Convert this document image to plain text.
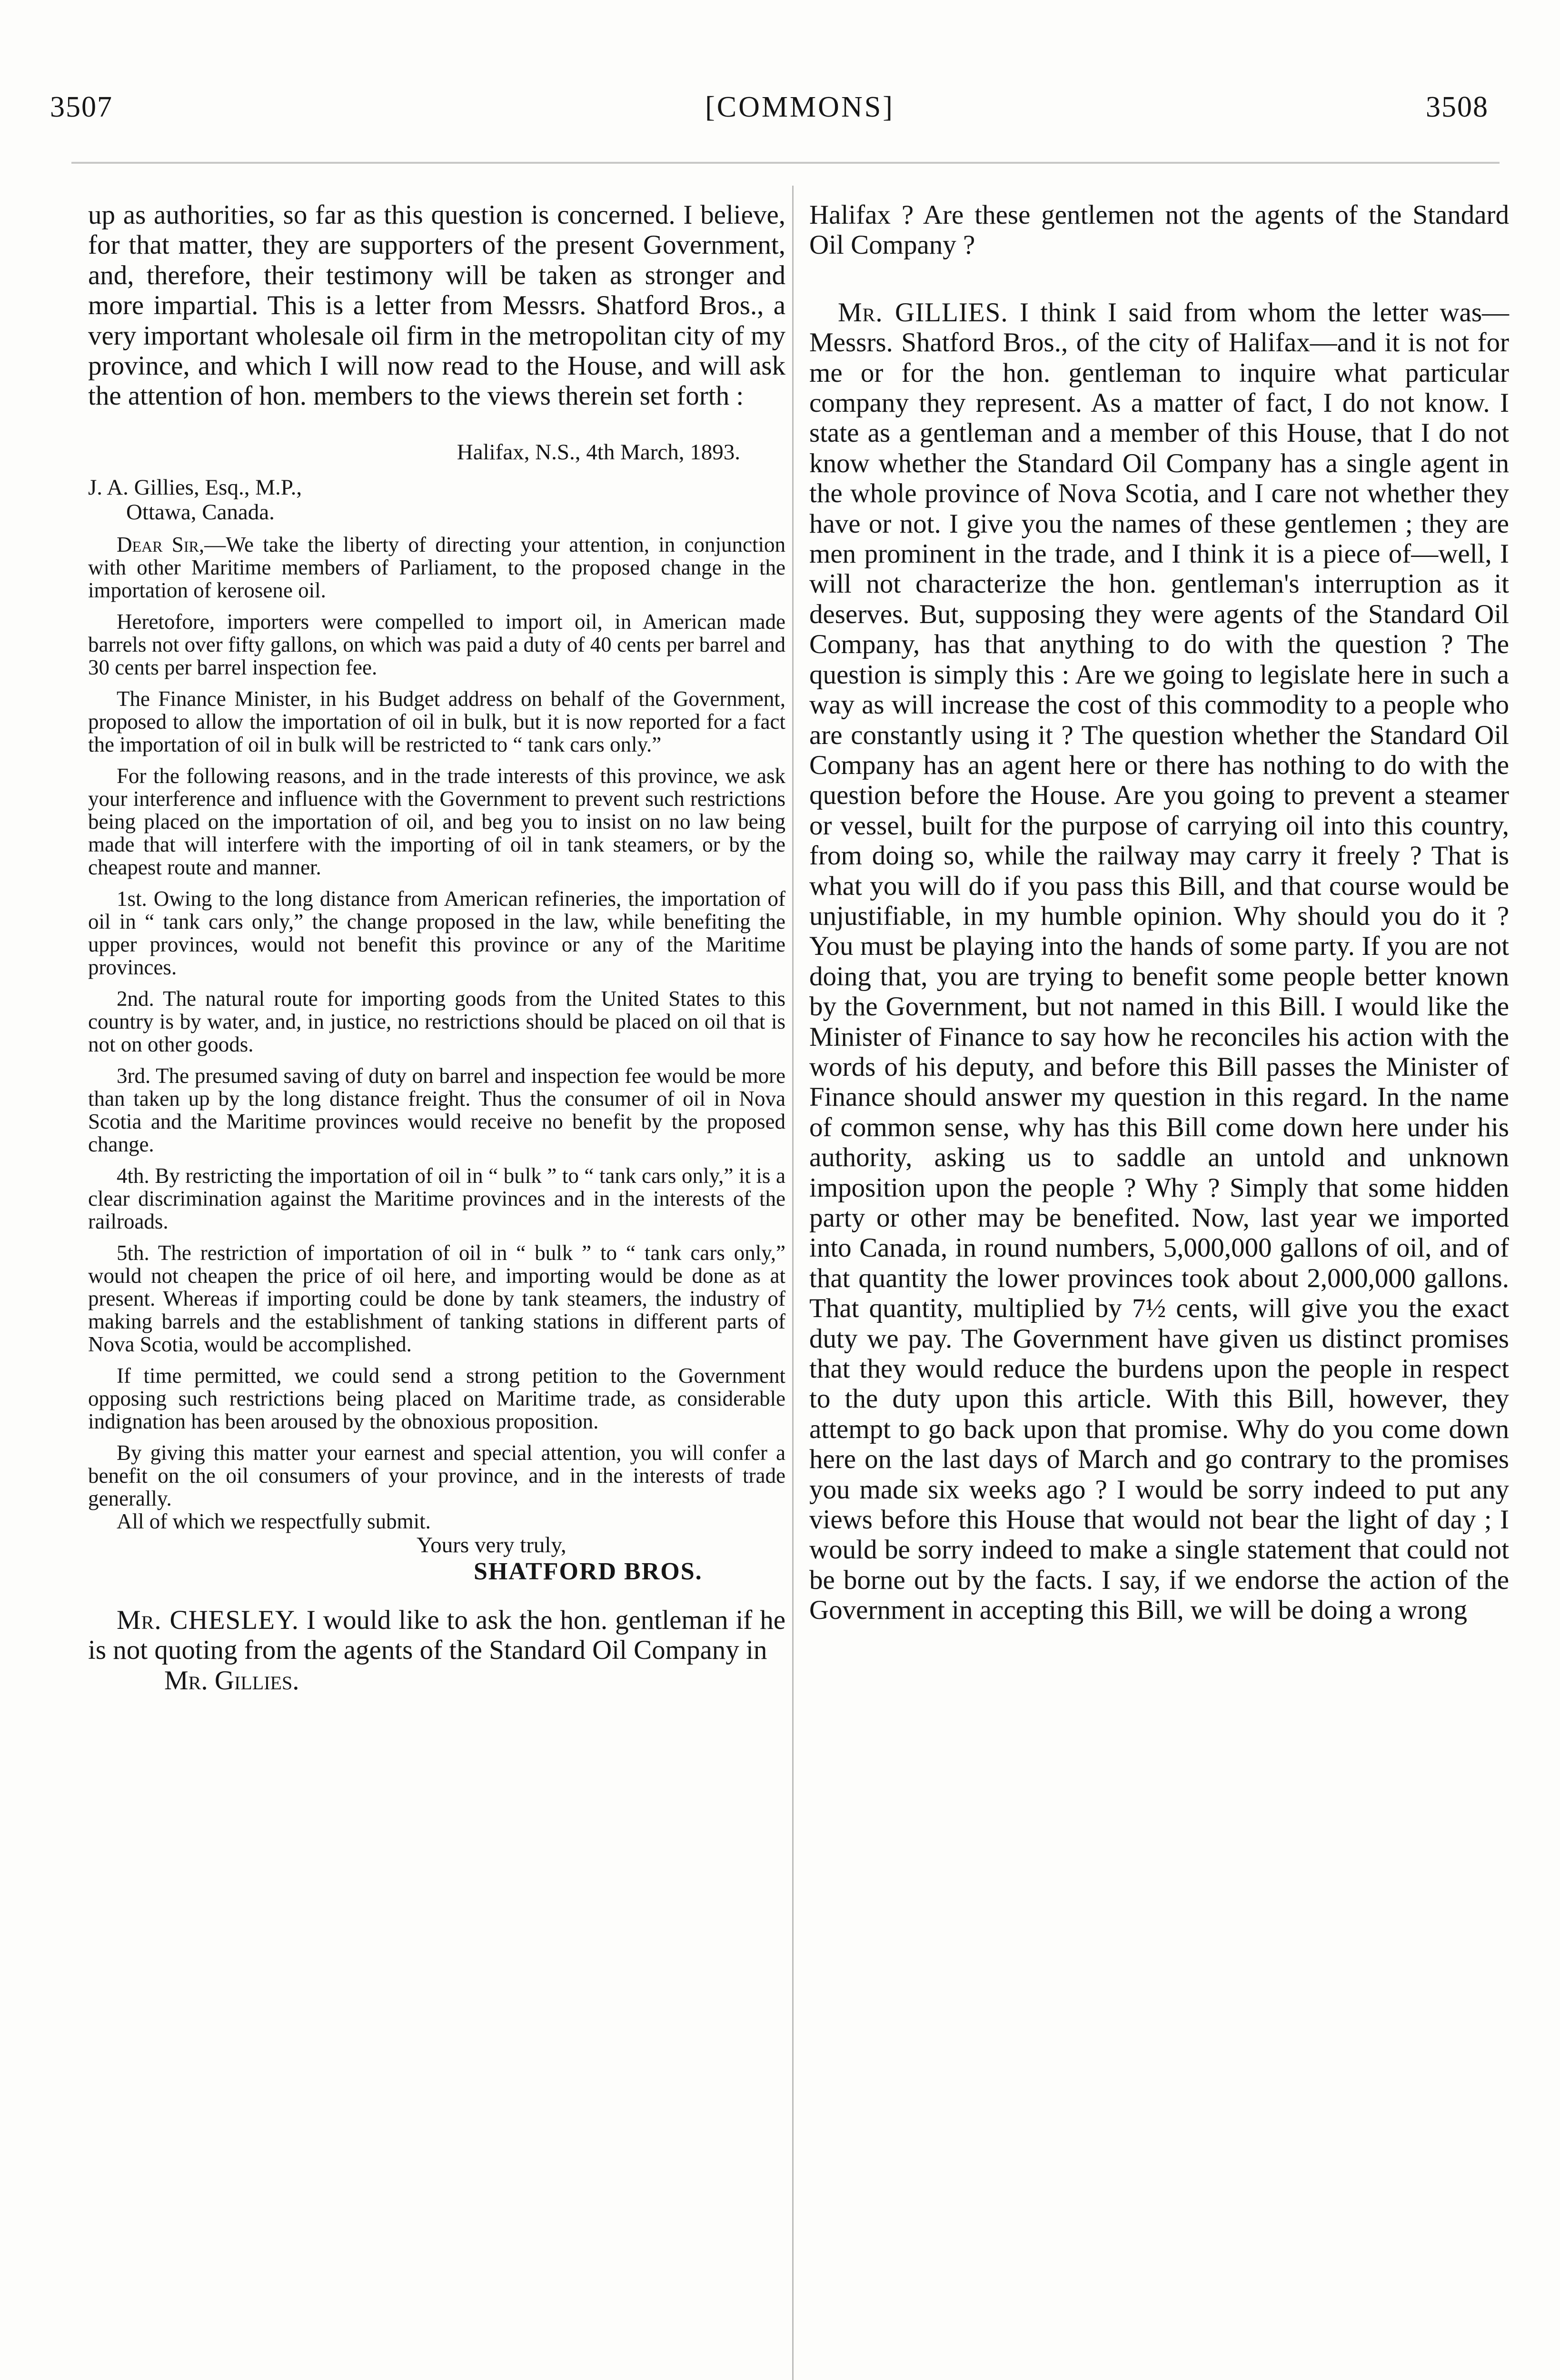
3507	[COMMONS]	3508

up as authorities, so far as this question is concerned. I believe, for that matter, they are supporters of the present Government, and, therefore, their testimony will be taken as stronger and more impartial. This is a letter from Messrs. Shatford Bros., a very important wholesale oil firm in the metropolitan city of my province, and which I will now read to the House, and will ask the attention of hon. members to the views therein set forth :

Halifax, N.S., 4th March, 1893.

J. A. Gillies, Esq., M.P.,
Ottawa, Canada.

Dear Sir,—We take the liberty of directing your attention, in conjunction with other Maritime members of Parliament, to the proposed change in the importation of kerosene oil.

Heretofore, importers were compelled to import oil, in American made barrels not over fifty gallons, on which was paid a duty of 40 cents per barrel and 30 cents per barrel inspection fee.

The Finance Minister, in his Budget address on behalf of the Government, proposed to allow the importation of oil in bulk, but it is now reported for a fact the importation of oil in bulk will be restricted to “ tank cars only.”

For the following reasons, and in the trade interests of this province, we ask your interference and influence with the Government to prevent such restrictions being placed on the importation of oil, and beg you to insist on no law being made that will interfere with the importing of oil in tank steamers, or by the cheapest route and manner.

1st. Owing to the long distance from American refineries, the importation of oil in “ tank cars only,” the change proposed in the law, while benefiting the upper provinces, would not benefit this province or any of the Maritime provinces.

2nd. The natural route for importing goods from the United States to this country is by water, and, in justice, no restrictions should be placed on oil that is not on other goods.

3rd. The presumed saving of duty on barrel and inspection fee would be more than taken up by the long distance freight. Thus the consumer of oil in Nova Scotia and the Maritime provinces would receive no benefit by the proposed change.

4th. By restricting the importation of oil in “ bulk ” to “ tank cars only,” it is a clear discrimination against the Maritime provinces and in the interests of the railroads.

5th. The restriction of importation of oil in “ bulk ” to “ tank cars only,” would not cheapen the price of oil here, and importing would be done as at present. Whereas if importing could be done by tank steamers, the industry of making barrels and the establishment of tanking stations in different parts of Nova Scotia, would be accomplished.

If time permitted, we could send a strong petition to the Government opposing such restrictions being placed on Maritime trade, as considerable indignation has been aroused by the obnoxious proposition.

By giving this matter your earnest and special attention, you will confer a benefit on the oil consumers of your province, and in the interests of trade generally.

All of which we respectfully submit.

Yours very truly,

SHATFORD BROS.

Mr. CHESLEY. I would like to ask the hon. gentleman if he is not quoting from the agents of the Standard Oil Company in

Mr. Gillies.

Halifax ? Are these gentlemen not the agents of the Standard Oil Company ?

Mr. GILLIES. I think I said from whom the letter was—Messrs. Shatford Bros., of the city of Halifax—and it is not for me or for the hon. gentleman to inquire what particular company they represent. As a matter of fact, I do not know. I state as a gentleman and a member of this House, that I do not know whether the Standard Oil Company has a single agent in the whole province of Nova Scotia, and I care not whether they have or not. I give you the names of these gentlemen ; they are men prominent in the trade, and I think it is a piece of—well, I will not characterize the hon. gentleman's interruption as it deserves. But, supposing they were agents of the Standard Oil Company, has that anything to do with the question ? The question is simply this : Are we going to legislate here in such a way as will increase the cost of this commodity to a people who are constantly using it ? The question whether the Standard Oil Company has an agent here or there has nothing to do with the question before the House. Are you going to prevent a steamer or vessel, built for the purpose of carrying oil into this country, from doing so, while the railway may carry it freely ? That is what you will do if you pass this Bill, and that course would be unjustifiable, in my humble opinion. Why should you do it ? You must be playing into the hands of some party. If you are not doing that, you are trying to benefit some people better known by the Government, but not named in this Bill. I would like the Minister of Finance to say how he reconciles his action with the words of his deputy, and before this Bill passes the Minister of Finance should answer my question in this regard. In the name of common sense, why has this Bill come down here under his authority, asking us to saddle an untold and unknown imposition upon the people ? Why ? Simply that some hidden party or other may be benefited. Now, last year we imported into Canada, in round numbers, 5,000,000 gallons of oil, and of that quantity the lower provinces took about 2,000,000 gallons. That quantity, multiplied by 7½ cents, will give you the exact duty we pay. The Government have given us distinct promises that they would reduce the burdens upon the people in respect to the duty upon this article. With this Bill, however, they attempt to go back upon that promise. Why do you come down here on the last days of March and go contrary to the promises you made six weeks ago ? I would be sorry indeed to put any views before this House that would not bear the light of day ; I would be sorry indeed to make a single statement that could not be borne out by the facts. I say, if we endorse the action of the Government in accepting this Bill, we will be doing a wrong
